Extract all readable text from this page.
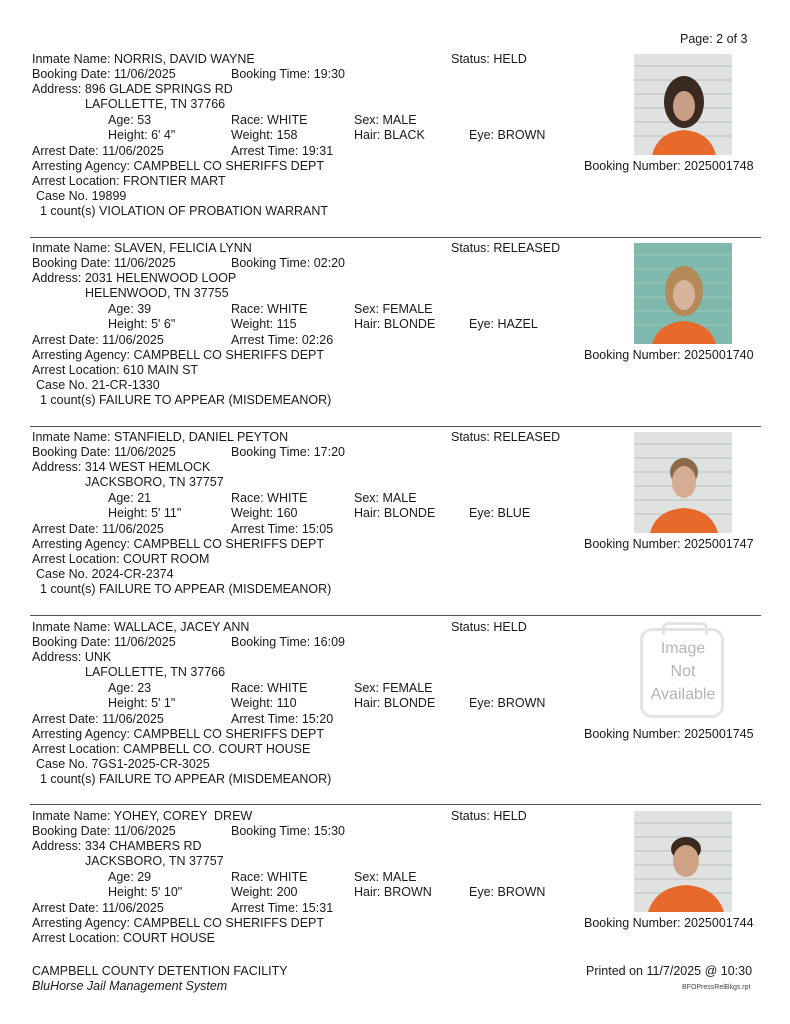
Page: 2 of 3
Inmate Name: NORRIS, DAVID WAYNE	Status: HELD
Booking Date: 11/06/2025	Booking Time: 19:30
Address: 896 GLADE SPRINGS RD
LAFOLLETTE, TN 37766
Age: 53	Race: WHITE	Sex: MALE
Height: 6' 4"	Weight: 158	Hair: BLACK	Eye: BROWN
Arrest Date: 11/06/2025	Arrest Time: 19:31
Arresting Agency: CAMPBELL CO SHERIFFS DEPT	Booking Number: 2025001748
Arrest Location: FRONTIER MART
Case No. 19899
1 count(s) VIOLATION OF PROBATION WARRANT
Inmate Name: SLAVEN, FELICIA LYNN	Status: RELEASED
Booking Date: 11/06/2025	Booking Time: 02:20
Address: 2031 HELENWOOD LOOP
HELENWOOD, TN 37755
Age: 39	Race: WHITE	Sex: FEMALE
Height: 5' 6"	Weight: 115	Hair: BLONDE	Eye: HAZEL
Arrest Date: 11/06/2025	Arrest Time: 02:26
Arresting Agency: CAMPBELL CO SHERIFFS DEPT	Booking Number: 2025001740
Arrest Location: 610 MAIN ST
Case No. 21-CR-1330
1 count(s) FAILURE TO APPEAR (MISDEMEANOR)
Inmate Name: STANFIELD, DANIEL PEYTON	Status: RELEASED
Booking Date: 11/06/2025	Booking Time: 17:20
Address: 314 WEST HEMLOCK
JACKSBORO, TN 37757
Age: 21	Race: WHITE	Sex: MALE
Height: 5' 11"	Weight: 160	Hair: BLONDE	Eye: BLUE
Arrest Date: 11/06/2025	Arrest Time: 15:05
Arresting Agency: CAMPBELL CO SHERIFFS DEPT	Booking Number: 2025001747
Arrest Location: COURT ROOM
Case No. 2024-CR-2374
1 count(s) FAILURE TO APPEAR (MISDEMEANOR)
Inmate Name: WALLACE, JACEY ANN	Status: HELD
Booking Date: 11/06/2025	Booking Time: 16:09
Address: UNK
LAFOLLETTE, TN 37766
Age: 23	Race: WHITE	Sex: FEMALE
Height: 5' 1"	Weight: 110	Hair: BLONDE	Eye: BROWN
Arrest Date: 11/06/2025	Arrest Time: 15:20
Arresting Agency: CAMPBELL CO SHERIFFS DEPT	Booking Number: 2025001745
Arrest Location: CAMPBELL CO. COURT HOUSE
Case No. 7GS1-2025-CR-3025
1 count(s) FAILURE TO APPEAR (MISDEMEANOR)
Image
Not
Available
Inmate Name: YOHEY, COREY  DREW	Status: HELD
Booking Date: 11/06/2025	Booking Time: 15:30
Address: 334 CHAMBERS RD
JACKSBORO, TN 37757
Age: 29	Race: WHITE	Sex: MALE
Height: 5' 10"	Weight: 200	Hair: BROWN	Eye: BROWN
Arrest Date: 11/06/2025	Arrest Time: 15:31
Arresting Agency: CAMPBELL CO SHERIFFS DEPT	Booking Number: 2025001744
Arrest Location: COURT HOUSE
CAMPBELL COUNTY DETENTION FACILITY
BluHorse Jail Management System
Printed on 11/7/2025 @ 10:30
BFOPressRelBkgs.rpt
